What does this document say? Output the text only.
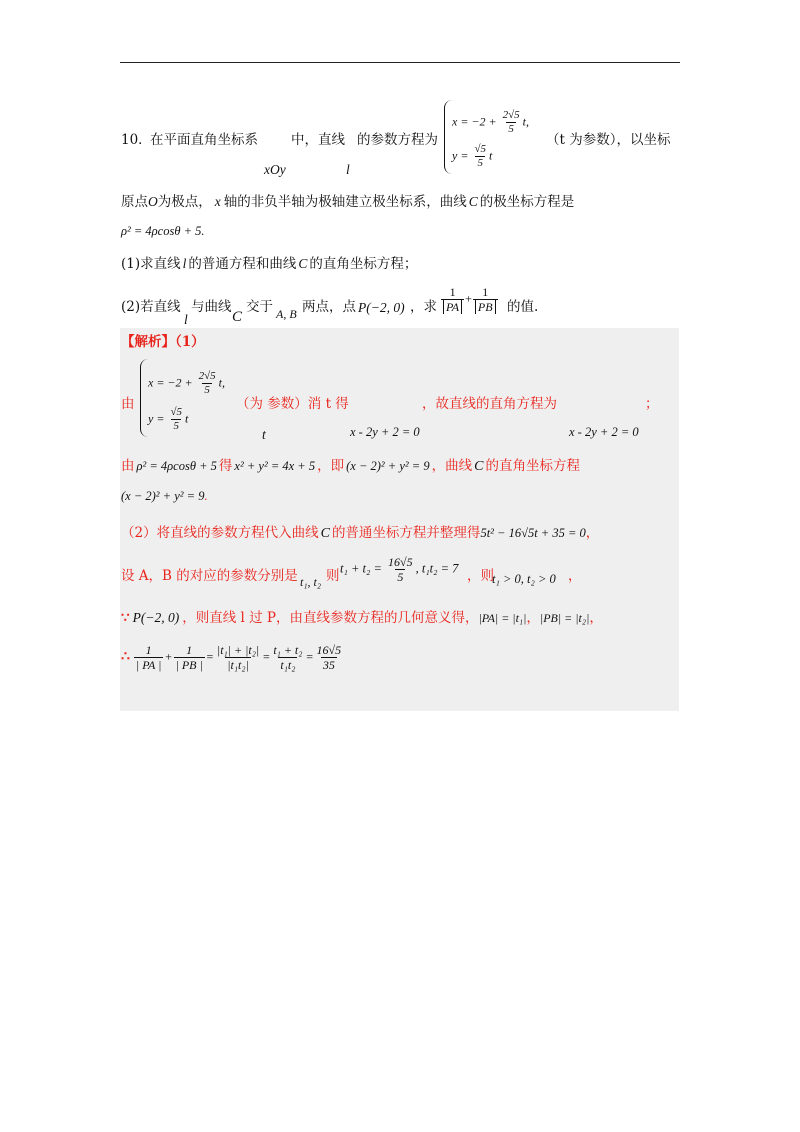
10．
在平面直角坐标系
xOy
中，直线
l
的参数方程为
$x = -2 + \frac{2√5}{5} t$,
$y = \frac{√5}{5}$ t
（t 为参数），以坐标
原点O为极点， x 轴的非负半轴为极轴建立极坐标系，曲线 C 的极坐标方程是
ρ² = 4ρcosθ + 5.
(1)求直线 l 的普通方程和曲线 C 的直角坐标方程；
(2)若直线
l
与曲线
C
交于 A, B 两点，点 P(−2, 0) ，求 $\frac{1}{PA} + \frac{1}{PB}$ 的值.
【解析】（1）
由
$x = -2 + \frac{2√5}{5} t$,
$y = \frac{√5}{5}$ t
（为 参数）消 t 得
t	x - 2y + 2 = 0
，故直线的直角方程为
x - 2y + 2 = 0
；
由 ρ² = 4ρcosθ + 5 得 x² + y² = 4x + 5 ，即 (x − 2)² + y² = 9 ，曲线 C 的直角坐标方程
(x − 2)² + y² = 9.
（2）将直线的参数方程代入曲线 C 的普通坐标方程并整理得5t² − 16√5t + 35 = 0，
设 A，B 的对应的参数分别是 t₁, t₂ 则 $t_1 + t_2 = \frac{16√5}{5}$ , t₁t₂ = 7 ，则
t₁ > 0, t₂ > 0 ，
∵ P(−2, 0) ，则直线 l 过 P，由直线参数方程的几何意义得，|PA| = |t₁|，|PB| = |t₂|，
∴ $\frac{1}{| PA |} + \frac{1}{| PB |} = \frac{\text{|t₁| + |t₂|}}{\text{|t₁t₂|}} = \frac{\text{t₁ + t₂}}{\text{t₁t₂}} = \frac{16√5}{35}$
